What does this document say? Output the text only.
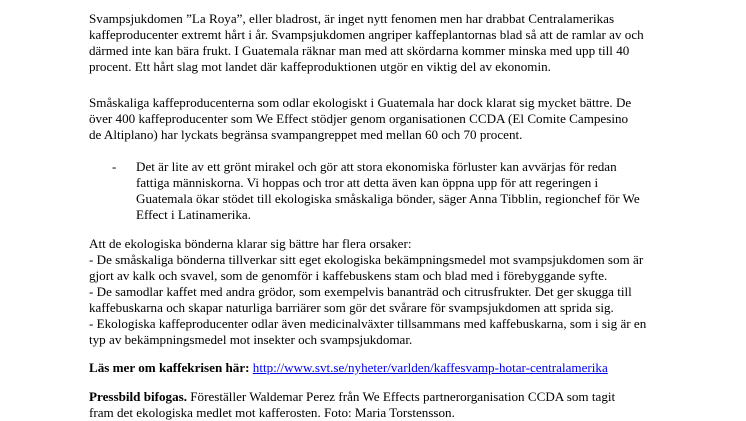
Svampsjukdomen ”La Roya”, eller bladrost, är inget nytt fenomen men har drabbat Centralamerikas
kaffeproducenter extremt hårt i år. Svampsjukdomen angriper kaffeplantornas blad så att de ramlar av och
därmed inte kan bära frukt. I Guatemala räknar man med att skördarna kommer minska med upp till 40
procent. Ett hårt slag mot landet där kaffeproduktionen utgör en viktig del av ekonomin.
Småskaliga kaffeproducenterna som odlar ekologiskt i Guatemala har dock klarat sig mycket bättre. De
över 400 kaffeproducenter som We Effect stödjer genom organisationen CCDA (El Comite Campesino
de Altiplano) har lyckats begränsa svampangreppet med mellan 60 och 70 procent.
- Det är lite av ett grönt mirakel och gör att stora ekonomiska förluster kan avvärjas för redan
fattiga människorna. Vi hoppas och tror att detta även kan öppna upp för att regeringen i
Guatemala ökar stödet till ekologiska småskaliga bönder, säger Anna Tibblin, regionchef för We
Effect i Latinamerika.
Att de ekologiska bönderna klarar sig bättre har flera orsaker:
- De småskaliga bönderna tillverkar sitt eget ekologiska bekämpningsmedel mot svampsjukdomen som är
gjort av kalk och svavel, som de genomför i kaffebuskens stam och blad med i förebyggande syfte.
- De samodlar kaffet med andra grödor, som exempelvis bananträd och citrusfrukter. Det ger skugga till
kaffebuskarna och skapar naturliga barriärer som gör det svårare för svampsjukdomen att sprida sig.
- Ekologiska kaffeproducenter odlar även medicinalväxter tillsammans med kaffebuskarna, som i sig är en
typ av bekämpningsmedel mot insekter och svampsjukdomar.
Läs mer om kaffekrisen här: http://www.svt.se/nyheter/varlden/kaffesvamp-hotar-centralamerika
Pressbild bifogas. Föreställer Waldemar Perez från We Effects partnerorganisation CCDA som tagit
fram det ekologiska medlet mot kafferosten. Foto: Maria Torstensson.
